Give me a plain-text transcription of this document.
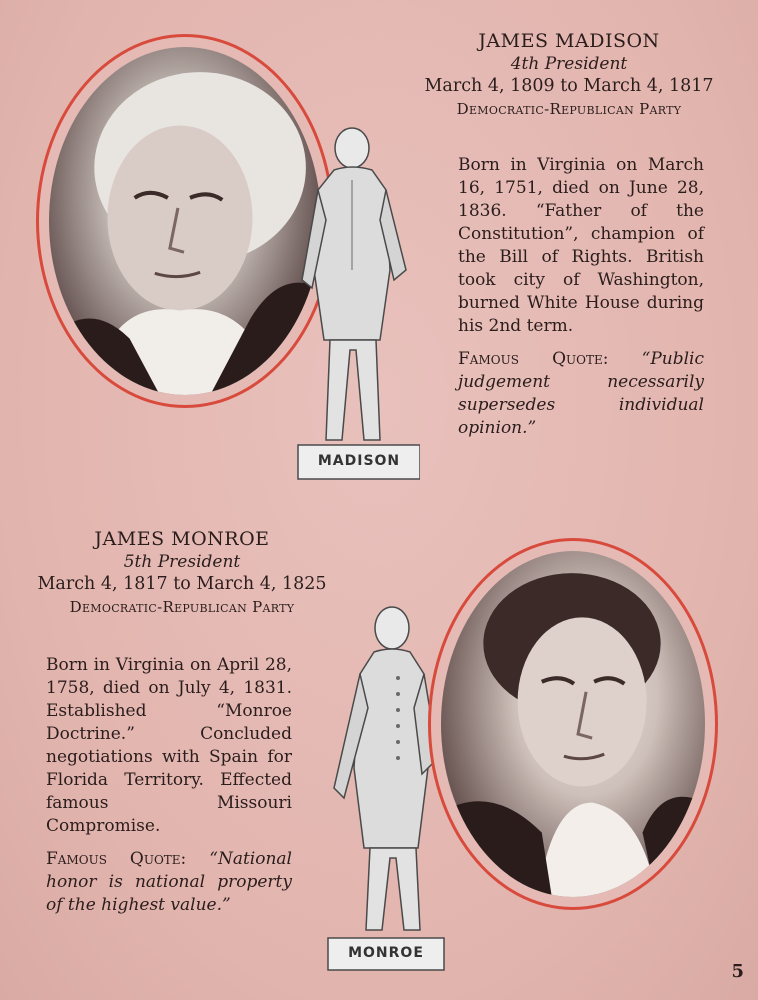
MADISON

JAMES MADISON

4th President

March 4, 1809 to March 4, 1817

Democratic-Republican Party

Born in Virginia on March 16, 1751, died on June 28, 1836. “Father of the Constitution”, champion of the Bill of Rights. British took city of Washington, burned White House during his 2nd term.

Famous Quote: “Public judgement necessarily supersedes individual opinion.”

JAMES MONROE

5th President

March 4, 1817 to March 4, 1825

Democratic-Republican Party

Born in Virginia on April 28, 1758, died on July 4, 1831. Established “Monroe Doctrine.” Concluded negotiations with Spain for Florida Territory. Effected famous Missouri Compromise.

Famous Quote: “National honor is national property of the highest value.”

MONROE
5
